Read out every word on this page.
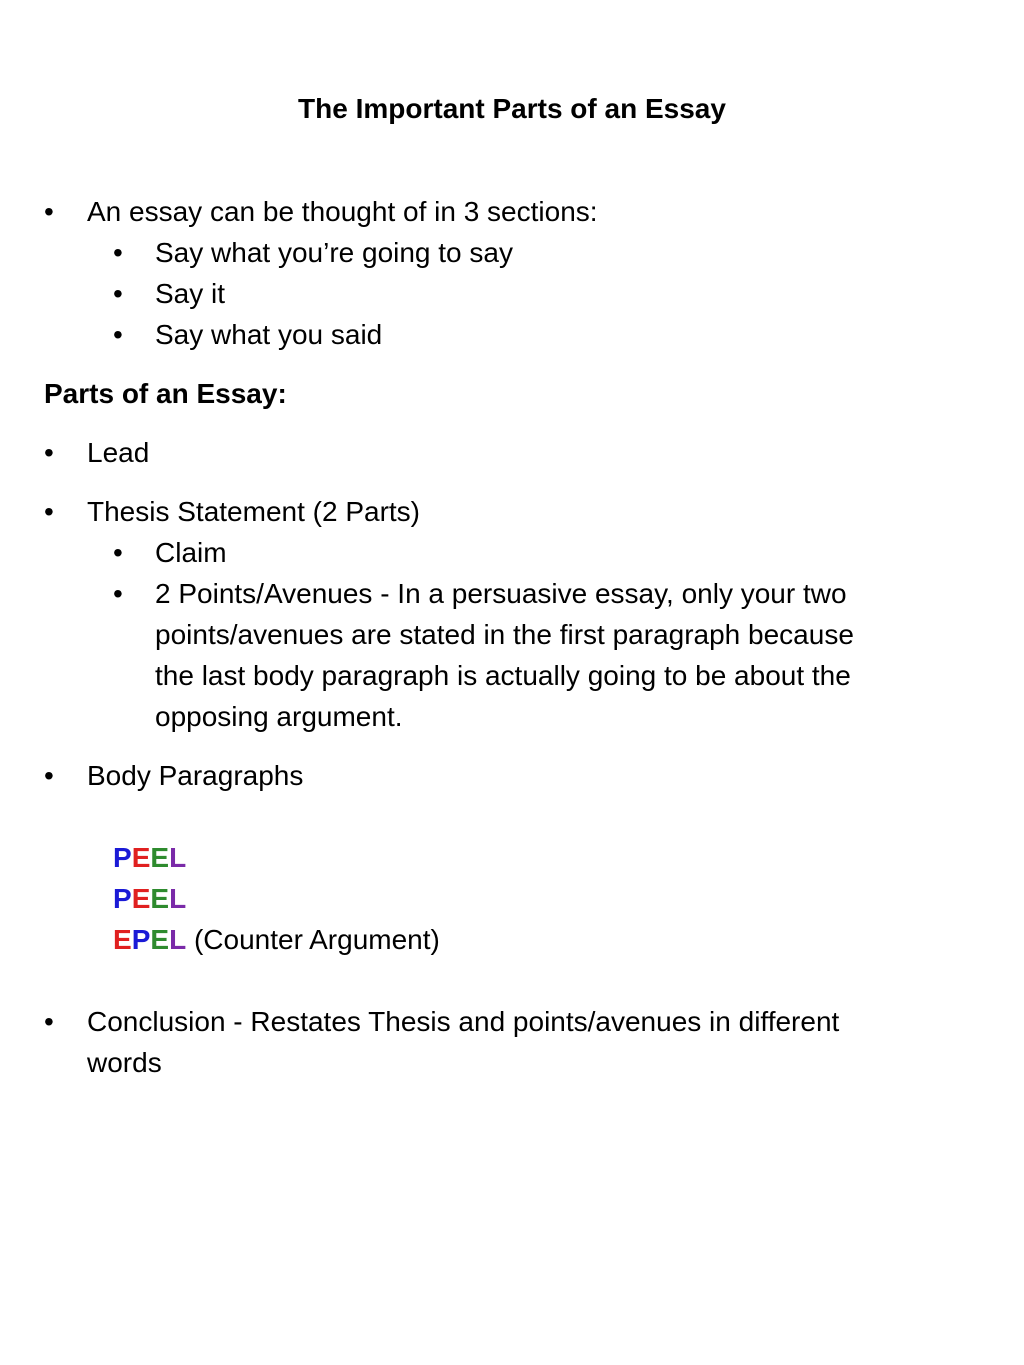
The Important Parts of an Essay
• An essay can be thought of in 3 sections:
• Say what you’re going to say
• Say it
• Say what you said
Parts of an Essay:
• Lead
• Thesis Statement (2 Parts)
• Claim
• 2 Points/Avenues - In a persuasive essay, only your two
points/avenues are stated in the first paragraph because
the last body paragraph is actually going to be about the
opposing argument.
• Body Paragraphs
PEEL
PEEL
EPEL (Counter Argument)
• Conclusion - Restates Thesis and points/avenues in different
words
